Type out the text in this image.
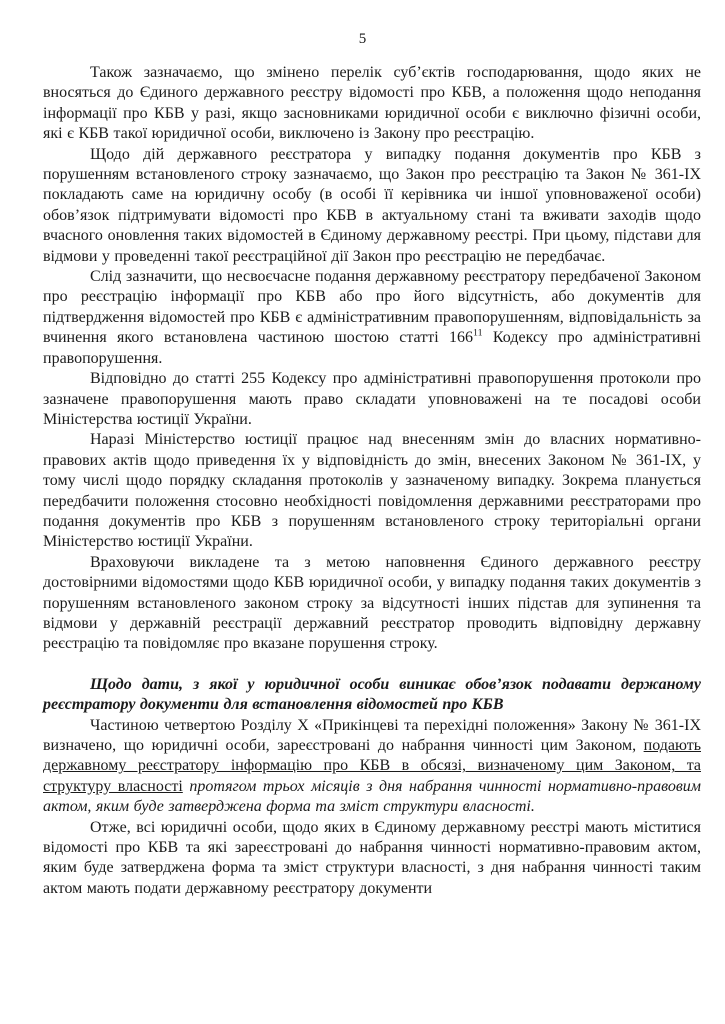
5

Також зазначаємо, що змінено перелік суб’єктів господарювання, щодо яких не вносяться до Єдиного державного реєстру відомості про КБВ, а положення щодо неподання інформації про КБВ у разі, якщо засновниками юридичної особи є виключно фізичні особи, які є КБВ такої юридичної особи, виключено із Закону про реєстрацію.

Щодо дій державного реєстратора у випадку подання документів про КБВ з порушенням встановленого строку зазначаємо, що Закон про реєстрацію та Закон № 361-IX покладають саме на юридичну особу (в особі її керівника чи іншої уповноваженої особи) обов’язок підтримувати відомості про КБВ в актуальному стані та вживати заходів щодо вчасного оновлення таких відомостей в Єдиному державному реєстрі. При цьому, підстави для відмови у проведенні такої реєстраційної дії Закон про реєстрацію не передбачає.

Слід зазначити, що несвоєчасне подання державному реєстратору передбаченої Законом про реєстрацію інформації про КБВ або про його відсутність, або документів для підтвердження відомостей про КБВ є адміністративним правопорушенням, відповідальність за вчинення якого встановлена частиною шостою статті 166$^{11}$ Кодексу про адміністративні правопорушення.

Відповідно до статті 255 Кодексу про адміністративні правопорушення протоколи про зазначене правопорушення мають право складати уповноважені на те посадові особи Міністерства юстиції України.

Наразі Міністерство юстиції працює над внесенням змін до власних нормативно-правових актів щодо приведення їх у відповідність до змін, внесених Законом № 361-IX, у тому числі щодо порядку складання протоколів у зазначеному випадку. Зокрема планується передбачити положення стосовно необхідності повідомлення державними реєстраторами про подання документів про КБВ з порушенням встановленого строку територіальні органи Міністерство юстиції України.

Враховуючи викладене та з метою наповнення Єдиного державного реєстру достовірними відомостями щодо КБВ юридичної особи, у випадку подання таких документів з порушенням встановленого законом строку за відсутності інших підстав для зупинення та відмови у державній реєстрації державний реєстратор проводить відповідну державну реєстрацію та повідомляє про вказане порушення строку.

Щодо дати, з якої у юридичної особи виникає обов’язок подавати держаному реєстратору документи для встановлення відомостей про КБВ

Частиною четвертою Розділу X «Прикінцеві та перехідні положення» Закону № 361-IX визначено, що юридичні особи, зареєстровані до набрання чинності цим Законом, подають державному реєстратору інформацію про КБВ в обсязі, визначеному цим Законом, та структуру власності протягом трьох місяців з дня набрання чинності нормативно-правовим актом, яким буде затверджена форма та зміст структури власності.

Отже, всі юридичні особи, щодо яких в Єдиному державному реєстрі мають міститися відомості про КБВ та які зареєстровані до набрання чинності нормативно-правовим актом, яким буде затверджена форма та зміст структури власності, з дня набрання чинності таким актом мають подати державному реєстратору документи
